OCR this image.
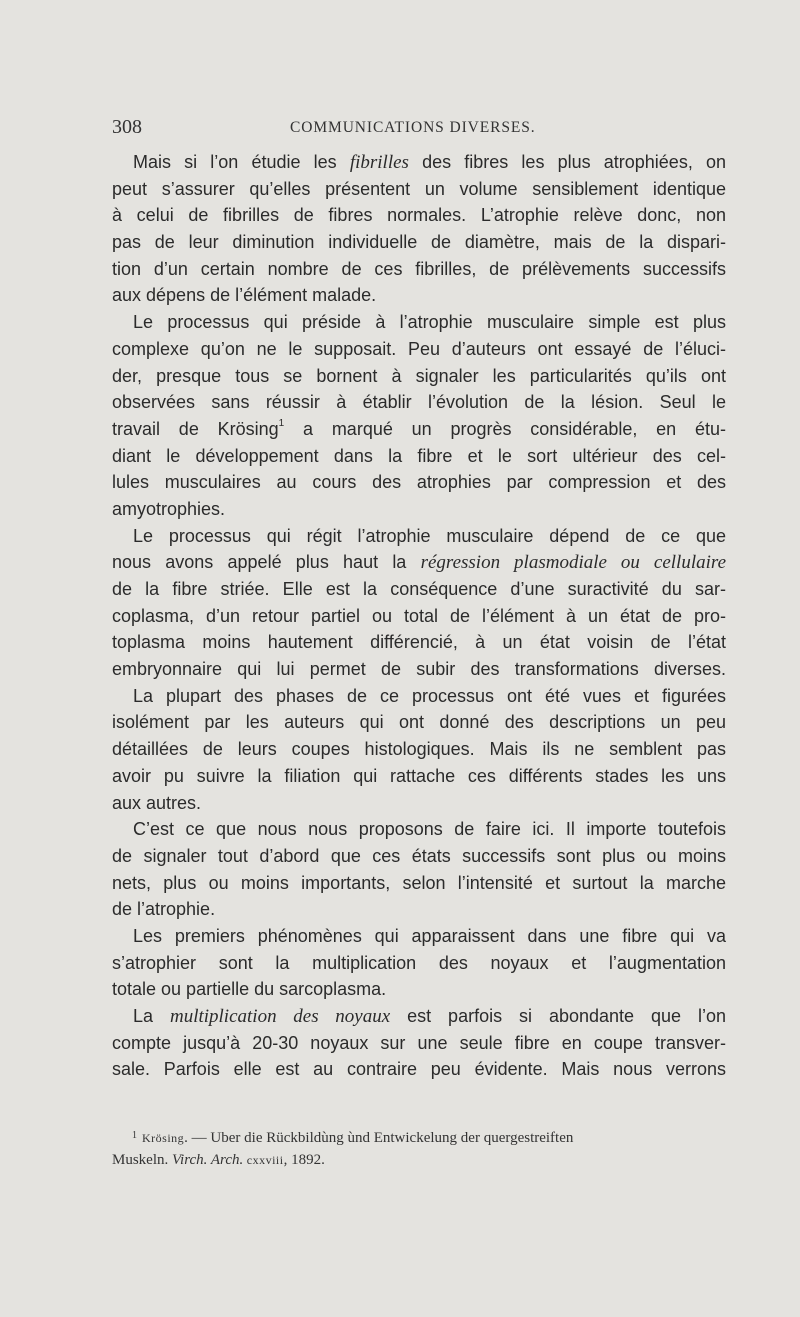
308	COMMUNICATIONS DIVERSES.
Mais si l’on étudie les fibrilles des fibres les plus atrophiées, on
peut s’assurer qu’elles présentent un volume sensiblement identique
à celui de fibrilles de fibres normales. L’atrophie relève donc, non
pas de leur diminution individuelle de diamètre, mais de la dispari-
tion d’un certain nombre de ces fibrilles, de prélèvements successifs
aux dépens de l’élément malade.
Le processus qui préside à l’atrophie musculaire simple est plus
complexe qu’on ne le supposait. Peu d’auteurs ont essayé de l’éluci-
der, presque tous se bornent à signaler les particularités qu’ils ont
observées sans réussir à établir l’évolution de la lésion. Seul le
travail de Krösing$^1$ a marqué un progrès considérable, en étu-
diant le développement dans la fibre et le sort ultérieur des cel-
lules musculaires au cours des atrophies par compression et des
amyotrophies.
Le processus qui régit l’atrophie musculaire dépend de ce que
nous avons appelé plus haut la régression plasmodiale ou cellulaire
de la fibre striée. Elle est la conséquence d’une suractivité du sar-
coplasma, d’un retour partiel ou total de l’élément à un état de pro-
toplasma moins hautement différencié, à un état voisin de l’état
embryonnaire qui lui permet de subir des transformations diverses.
La plupart des phases de ce processus ont été vues et figurées
isolément par les auteurs qui ont donné des descriptions un peu
détaillées de leurs coupes histologiques. Mais ils ne semblent pas
avoir pu suivre la filiation qui rattache ces différents stades les uns
aux autres.
C’est ce que nous nous proposons de faire ici. Il importe toutefois
de signaler tout d’abord que ces états successifs sont plus ou moins
nets, plus ou moins importants, selon l’intensité et surtout la marche
de l’atrophie.
Les premiers phénomènes qui apparaissent dans une fibre qui va
s’atrophier sont la multiplication des noyaux et l’augmentation
totale ou partielle du sarcoplasma.
La multiplication des noyaux est parfois si abondante que l’on
compte jusqu’à 20-30 noyaux sur une seule fibre en coupe transver-
sale. Parfois elle est au contraire peu évidente. Mais nous verrons
$^1$ Krösing. — Uber die Rückbildùng ùnd Entwickelung der quergestreiften
Muskeln. Virch. Arch. cxxviii, 1892.
